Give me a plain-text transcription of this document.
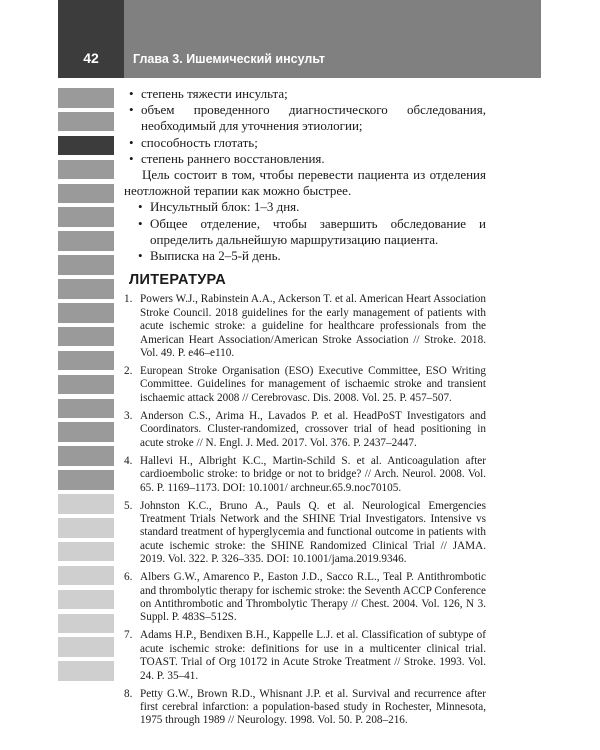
42	Глава 3. Ишемический инсульт
• степень тяжести инсульта;
• объем проведенного диагностического обследования, необходимый для уточнения этиологии;
• способность глотать;
• степень раннего восстановления.

Цель состоит в том, чтобы перевести пациента из отделения неотложной терапии как можно быстрее.

• Инсультный блок: 1–3 дня.
• Общее отделение, чтобы завершить обследование и определить дальнейшую маршрутизацию пациента.
• Выписка на 2–5-й день.
ЛИТЕРАТУРА
1. Powers W.J., Rabinstein A.A., Ackerson T. et al. American Heart Association Stroke Council. 2018 guidelines for the early management of patients with acute ischemic stroke: a guideline for healthcare professionals from the American Heart Association/American Stroke Association // Stroke. 2018. Vol. 49. P. e46–e110.
2. European Stroke Organisation (ESO) Executive Committee, ESO Writing Committee. Guidelines for management of ischaemic stroke and transient ischaemic attack 2008 // Cerebrovasc. Dis. 2008. Vol. 25. P. 457–507.
3. Anderson C.S., Arima H., Lavados P. et al. HeadPoST Investigators and Coordinators. Cluster-randomized, crossover trial of head positioning in acute stroke // N. Engl. J. Med. 2017. Vol. 376. P. 2437–2447.
4. Hallevi H., Albright K.C., Martin-Schild S. et al. Anticoagulation after cardioembolic stroke: to bridge or not to bridge? // Arch. Neurol. 2008. Vol. 65. P. 1169–1173. DOI: 10.1001/ archneur.65.9.noc70105.
5. Johnston K.C., Bruno A., Pauls Q. et al. Neurological Emergencies Treatment Trials Network and the SHINE Trial Investigators. Intensive vs standard treatment of hyperglycemia and functional outcome in patients with acute ischemic stroke: the SHINE Randomized Clinical Trial // JAMA. 2019. Vol. 322. P. 326–335. DOI: 10.1001/jama.2019.9346.
6. Albers G.W., Amarenco P., Easton J.D., Sacco R.L., Teal P. Antithrombotic and thrombolytic therapy for ischemic stroke: the Seventh ACCP Conference on Antithrombotic and Thrombolytic Therapy // Chest. 2004. Vol. 126, N 3. Suppl. P. 483S–512S.
7. Adams H.P., Bendixen B.H., Kappelle L.J. et al. Classification of subtype of acute ischemic stroke: definitions for use in a multicenter clinical trial. TOAST. Trial of Org 10172 in Acute Stroke Treatment // Stroke. 1993. Vol. 24. P. 35–41.
8. Petty G.W., Brown R.D., Whisnant J.P. et al. Survival and recurrence after first cerebral infarction: a population-based study in Rochester, Minnesota, 1975 through 1989 // Neurology. 1998. Vol. 50. P. 208–216.
